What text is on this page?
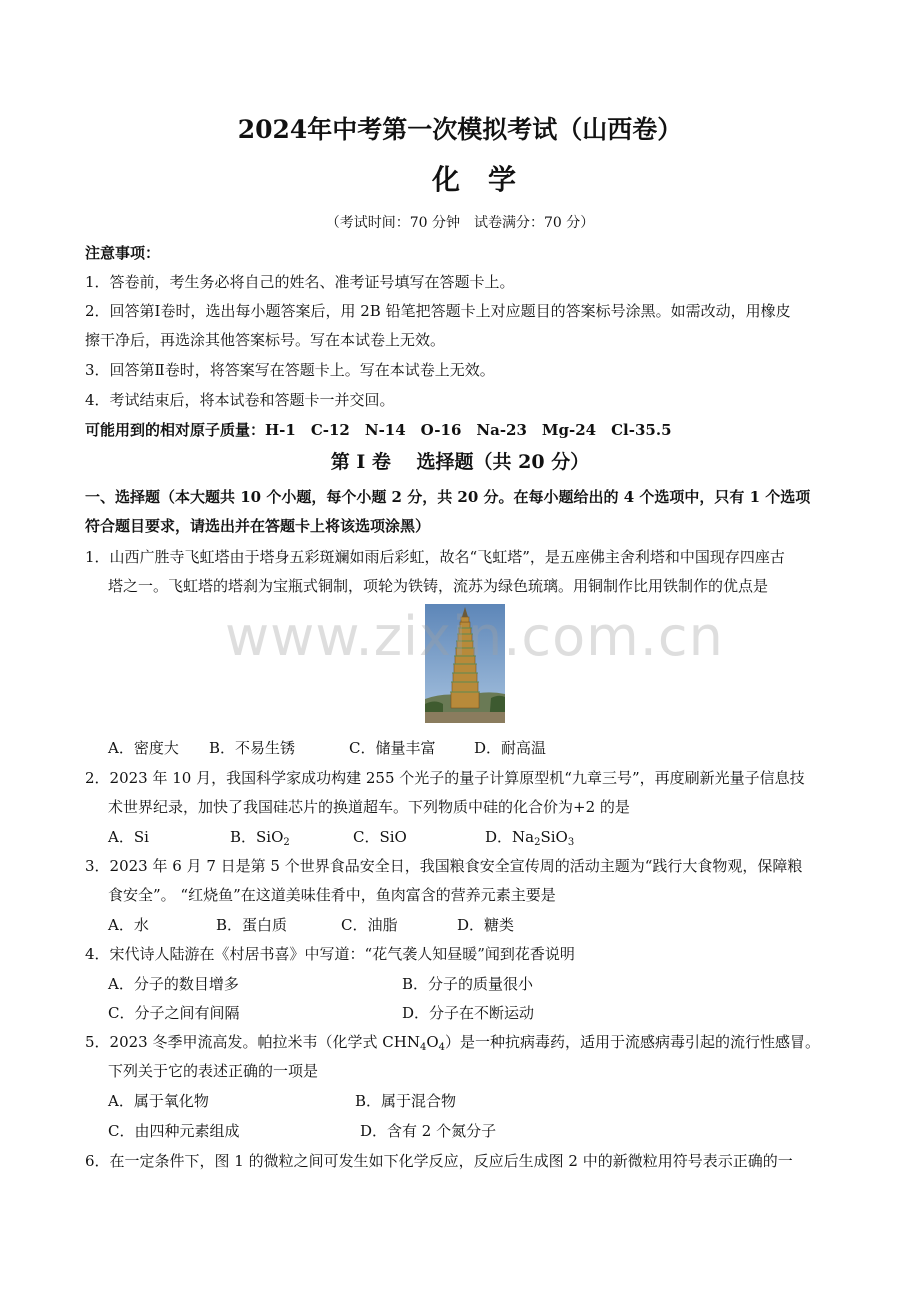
2024年中考第一次模拟考试（山西卷）
化学
（考试时间：70 分钟　试卷满分：70 分）
注意事项：
1．答卷前，考生务必将自己的姓名、准考证号填写在答题卡上。
2．回答第Ⅰ卷时，选出每小题答案后，用 2B 铅笔把答题卡上对应题目的答案标号涂黑。如需改动，用橡皮
擦干净后，再选涂其他答案标号。写在本试卷上无效。
3．回答第Ⅱ卷时，将答案写在答题卡上。写在本试卷上无效。
4．考试结束后，将本试卷和答题卡一并交回。
可能用到的相对原子质量：H-1　C-12　N-14　O-16　Na-23　Mg-24　Cl-35.5
第 I 卷　 选择题（共 20 分）
一、选择题（本大题共 10 个小题，每个小题 2 分，共 20 分。在每小题给出的 4 个选项中，只有 1 个选项
符合题目要求，请选出并在答题卡上将该选项涂黑）
1．山西广胜寺飞虹塔由于塔身五彩斑斓如雨后彩虹，故名“飞虹塔”，是五座佛主舍利塔和中国现存四座古
塔之一。飞虹塔的塔刹为宝瓶式铜制，项轮为铁铸，流苏为绿色琉璃。用铜制作比用铁制作的优点是
www.zixin.com.cn
A．密度大 B．不易生锈	C．储量丰富	D．耐高温
2．2023 年 10 月，我国科学家成功构建 255 个光子的量子计算原型机“九章三号”，再度刷新光量子信息技
术世界纪录，加快了我国硅芯片的换道超车。下列物质中硅的化合价为+2 的是
A．Si	B．SiO$_2$	C．SiO	D．$Na_2SiO_3$
3．2023 年 6 月 7 日是第 5 个世界食品安全日，我国粮食安全宣传周的活动主题为“践行大食物观，保障粮
食安全”。 “红烧鱼”在这道美味佳肴中，鱼肉富含的营养元素主要是
A．水	B．蛋白质	C．油脂	D．糖类
4．宋代诗人陆游在《村居书喜》中写道：“花气袭人知昼暖”闻到花香说明
A．分子的数目增多	B．分子的质量很小
C．分子之间有间隔	D．分子在不断运动
5．2023 冬季甲流高发。帕拉米韦（化学式 $CHN_4O_4$）是一种抗病毒药，适用于流感病毒引起的流行性感冒。
下列关于它的表述正确的一项是
A．属于氧化物	B．属于混合物
C．由四种元素组成	D．含有 2 个氮分子
6．在一定条件下，图 1 的微粒之间可发生如下化学反应，反应后生成图 2 中的新微粒用符号表示正确的一
